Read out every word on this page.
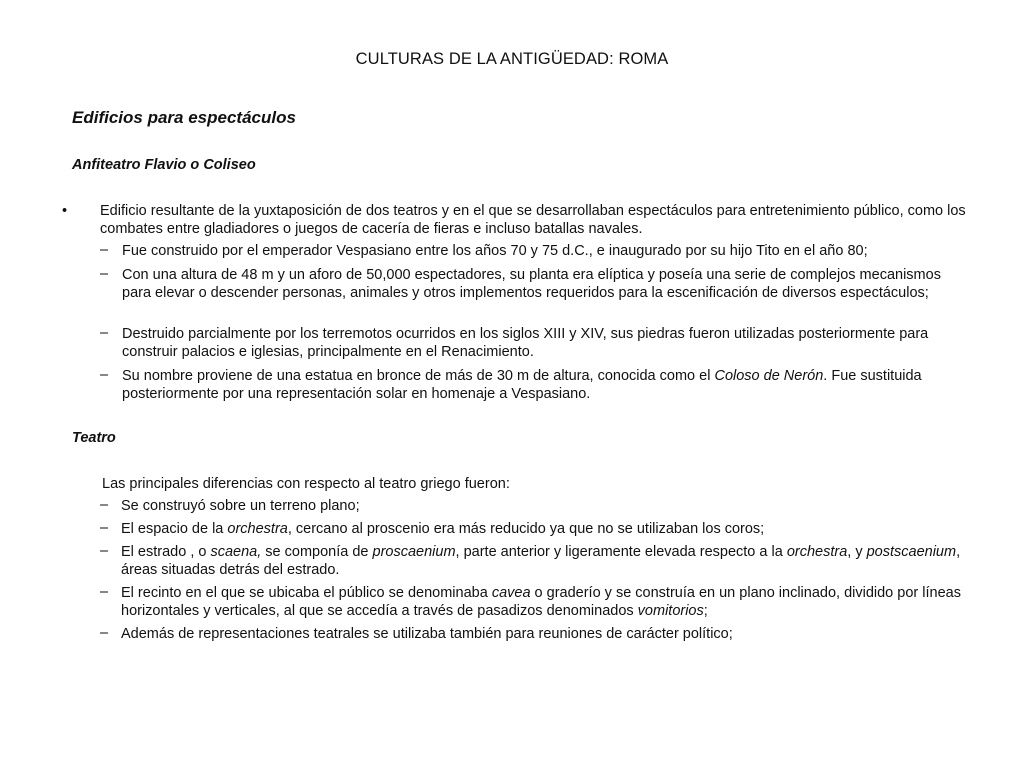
CULTURAS DE LA ANTIGÜEDAD: ROMA
Edificios para espectáculos
Anfiteatro Flavio o Coliseo
• Edificio resultante de la yuxtaposición de dos teatros y en el que se desarrollaban espectáculos para entretenimiento público, como los combates entre gladiadores o juegos de cacería de fieras e incluso batallas navales.
– Fue construido por el emperador Vespasiano entre los años 70 y 75 d.C., e inaugurado por su hijo Tito en el año 80;
– Con una altura de 48 m y un aforo de 50,000 espectadores, su planta era elíptica y poseía una serie de complejos mecanismos para elevar o descender personas, animales y otros implementos requeridos para la escenificación de diversos espectáculos;
– Destruido parcialmente por los terremotos ocurridos en los siglos XIII y XIV, sus piedras fueron utilizadas posteriormente para construir palacios e iglesias, principalmente en el Renacimiento.
– Su nombre proviene de una estatua en bronce de más de 30 m de altura, conocida como el Coloso de Nerón. Fue sustituida posteriormente por una representación solar en homenaje a Vespasiano.
Teatro
Las principales diferencias con respecto al teatro griego fueron:
– Se construyó sobre un terreno plano;
– El espacio de la orchestra, cercano al proscenio era más reducido ya que no se utilizaban los coros;
– El estrado , o scaena, se componía de proscaenium, parte anterior y ligeramente elevada respecto a la orchestra, y postscaenium, áreas situadas detrás del estrado.
– El recinto en el que se ubicaba el público se denominaba cavea o graderío y se construía en un plano inclinado, dividido por líneas horizontales y verticales, al que se accedía a través de pasadizos denominados vomitorios;
– Además de representaciones teatrales se utilizaba también para reuniones de carácter político;
